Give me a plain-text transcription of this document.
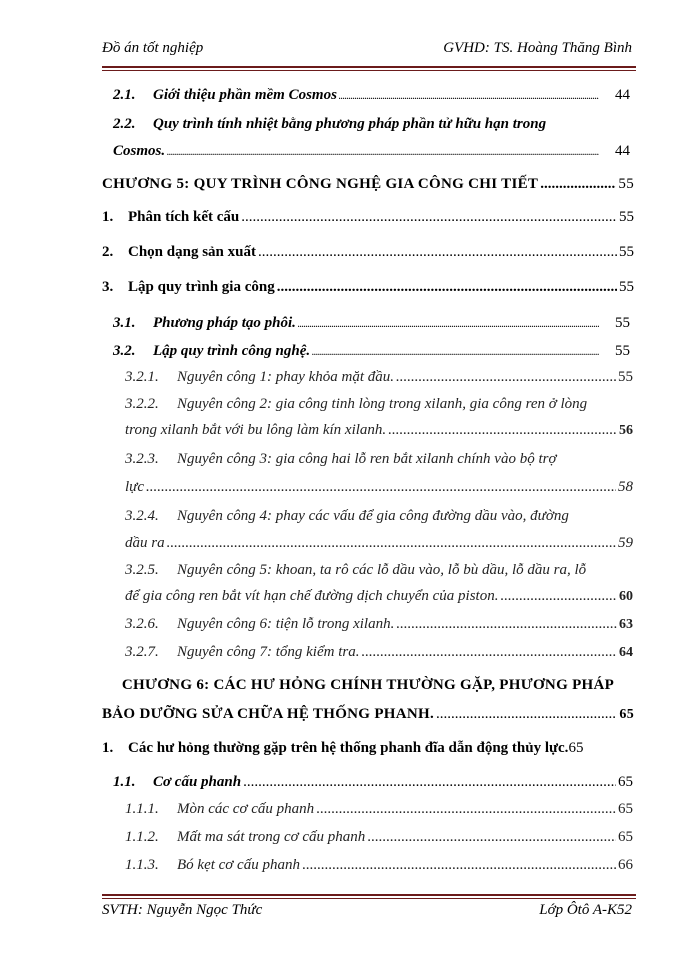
Đồ án tốt nghiệp	GVHD: TS. Hoàng Thăng Bình
2.1.	Giới thiệu phần mềm Cosmos .....	44
2.2.	Quy trình tính nhiệt bằng phương pháp phần tử hữu hạn trong
Cosmos. .....	44
CHƯƠNG 5: QUY TRÌNH CÔNG NGHỆ GIA CÔNG CHI TIẾT .....	55
1. Phân tích kết cấu .....	55
2. Chọn dạng sản xuất .....	55
3. Lập quy trình gia công .....	55
3.1.	Phương pháp tạo phôi. .....	55
3.2.	Lập quy trình công nghệ. .....	55
3.2.1.	Nguyên công 1: phay khỏa mặt đầu. .....	55
3.2.2.	Nguyên công 2: gia công tinh lòng trong xilanh, gia công ren ở lòng
trong xilanh bắt với bu lông làm kín xilanh. .....	56
3.2.3.	Nguyên công 3: gia công hai lỗ ren bắt xilanh chính vào bộ trợ
lực .....	58
3.2.4.	Nguyên công 4: phay các vấu để gia công đường dầu vào, đường
dầu ra .....	59
3.2.5.	Nguyên công 5: khoan, ta rô các lỗ dầu vào, lỗ bù dầu, lỗ dầu ra, lỗ
để gia công ren bắt vít hạn chế đường dịch chuyển của piston. .....	60
3.2.6.	Nguyên công 6: tiện lỗ trong xilanh. .....	63
3.2.7.	Nguyên công 7: tổng kiểm tra. .....	64
CHƯƠNG 6: CÁC HƯ HỎNG CHÍNH THƯỜNG GẶP, PHƯƠNG PHÁP
BẢO DƯỠNG SỬA CHỮA HỆ THỐNG PHANH. .....	65
1. Các hư hỏng thường gặp trên hệ thống phanh đĩa dẫn động thủy lực. 65
1.1.	Cơ cấu phanh .....	65
1.1.1.	Mòn các cơ cấu phanh .....	65
1.1.2.	Mất ma sát trong cơ cấu phanh .....	65
1.1.3.	Bó kẹt cơ cấu phanh .....	66
SVTH: Nguyễn Ngọc Thức	Lớp Ôtô A-K52
